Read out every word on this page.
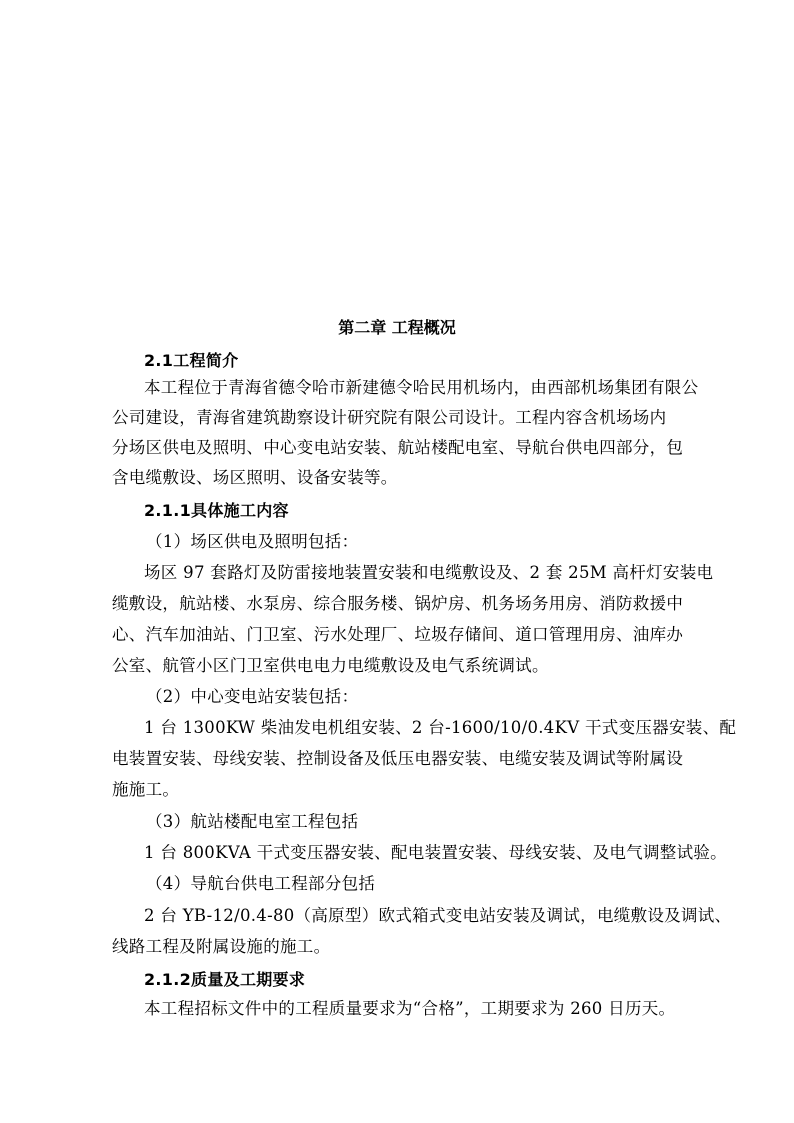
第二章 工程概况
2.1工程简介
本工程位于青海省德令哈市新建德令哈民用机场内，由西部机场集团有限公
公司建设，青海省建筑勘察设计研究院有限公司设计。工程内容含机场场内
分场区供电及照明、中心变电站安装、航站楼配电室、导航台供电四部分，包
含电缆敷设、场区照明、设备安装等。
2.1.1具体施工内容
（1）场区供电及照明包括：
场区 97 套路灯及防雷接地装置安装和电缆敷设及、2 套 25M 高杆灯安装电
缆敷设，航站楼、水泵房、综合服务楼、锅炉房、机务场务用房、消防救援中
心、汽车加油站、门卫室、污水处理厂、垃圾存储间、道口管理用房、油库办
公室、航管小区门卫室供电电力电缆敷设及电气系统调试。
（2）中心变电站安装包括：
1 台 1300KW 柴油发电机组安装、2 台-1600/10/0.4KV 干式变压器安装、配
电装置安装、母线安装、控制设备及低压电器安装、电缆安装及调试等附属设
施施工。
（3）航站楼配电室工程包括
1 台 800KVA 干式变压器安装、配电装置安装、母线安装、及电气调整试验。
（4）导航台供电工程部分包括
2 台 YB-12/0.4-80（高原型）欧式箱式变电站安装及调试，电缆敷设及调试、
线路工程及附属设施的施工。
2.1.2质量及工期要求
本工程招标文件中的工程质量要求为“合格”，工期要求为 260 日历天。
